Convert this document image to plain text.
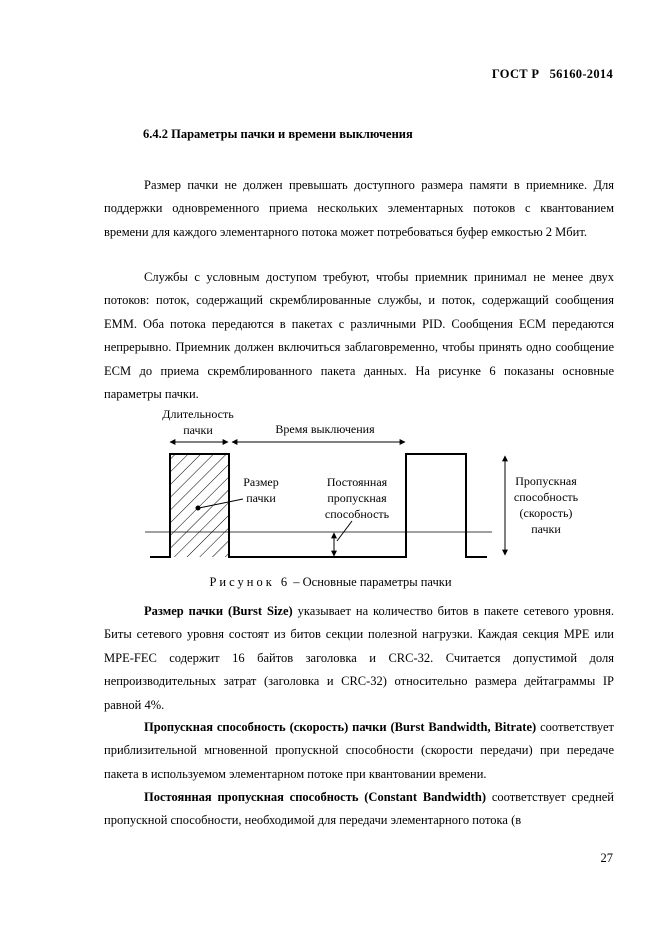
ГОСТ Р   56160-2014
6.4.2 Параметры пачки и времени выключения

Размер пачки не должен превышать доступного размера памяти в приемнике. Для поддержки одновременного приема нескольких элементарных потоков с квантованием времени для каждого элементарного потока может потребоваться буфер емкостью 2 Мбит.

Службы с условным доступом требуют, чтобы приемник принимал не менее двух потоков: поток, содержащий скремблированные службы, и поток, содержащий сообщения EMM. Оба потока передаются в пакетах с различными PID. Сообщения ECM передаются непрерывно. Приемник должен включиться заблаговременно, чтобы принять одно сообщение ECM до приема скремблированного пакета данных. На рисунке 6 показаны основные параметры пачки.

Длительность
пачки	Время выключения
Размер
пачки
Постоянная
пропускная
способность
Пропускная
способность
(скорость)
пачки
Рисунок 6 – Основные параметры пачки

Размер пачки (Burst Size) указывает на количество битов в пакете сетевого уровня. Биты сетевого уровня состоят из битов секции полезной нагрузки. Каждая секция MPE или MPE-FEC содержит 16 байтов заголовка и CRC-32. Считается допустимой доля непроизводительных затрат (заголовка и CRC-32) относительно размера дейтаграммы IP равной 4%.

Пропускная способность (скорость) пачки (Burst Bandwidth, Bitrate) соответствует приблизительной мгновенной пропускной способности (скорости передачи) при передаче пакета в используемом элементарном потоке при квантовании времени.

Постоянная пропускная способность (Constant Bandwidth) соответствует средней пропускной способности, необходимой для передачи элементарного потока (в

27
